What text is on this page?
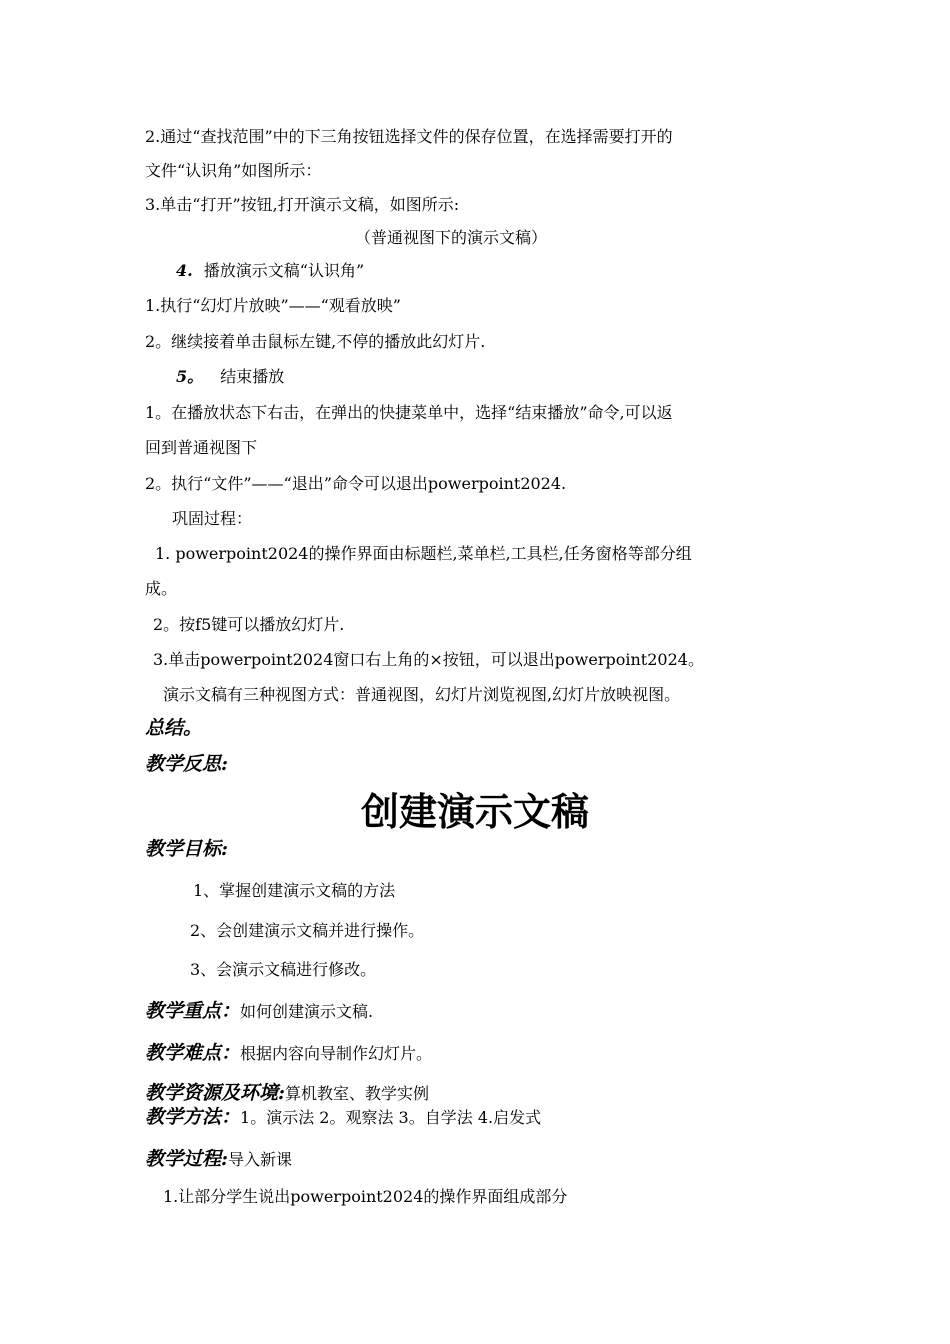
2.通过“查找范围”中的下三角按钮选择文件的保存位置，在选择需要打开的
文件“认识角”如图所示：
3.单击“打开”按钮,打开演示文稿，如图所示:
（普通视图下的演示文稿）
4. 播放演示文稿“认识角”
1.执行“幻灯片放映”——“观看放映”
2。继续接着单击鼠标左键,不停的播放此幻灯片.
5。 结束播放
1。在播放状态下右击，在弹出的快捷菜单中，选择“结束播放”命令,可以返
回到普通视图下
2。执行“文件”——“退出”命令可以退出powerpoint2024.
巩固过程：
1. powerpoint2024的操作界面由标题栏,菜单栏,工具栏,任务窗格等部分组
成。
2。按f5键可以播放幻灯片.
3.单击powerpoint2024窗口右上角的×按钮，可以退出powerpoint2024。
演示文稿有三种视图方式：普通视图，幻灯片浏览视图,幻灯片放映视图。
总结。
教学反思:
创建演示文稿
教学目标:
1、掌握创建演示文稿的方法
2、会创建演示文稿并进行操作。
3、会演示文稿进行修改。
教学重点：如何创建演示文稿.
教学难点：根据内容向导制作幻灯片。
教学资源及环境:算机教室、教学实例
教学方法：1。演示法 2。观察法 3。自学法 4.启发式
教学过程:导入新课
1.让部分学生说出powerpoint2024的操作界面组成部分
